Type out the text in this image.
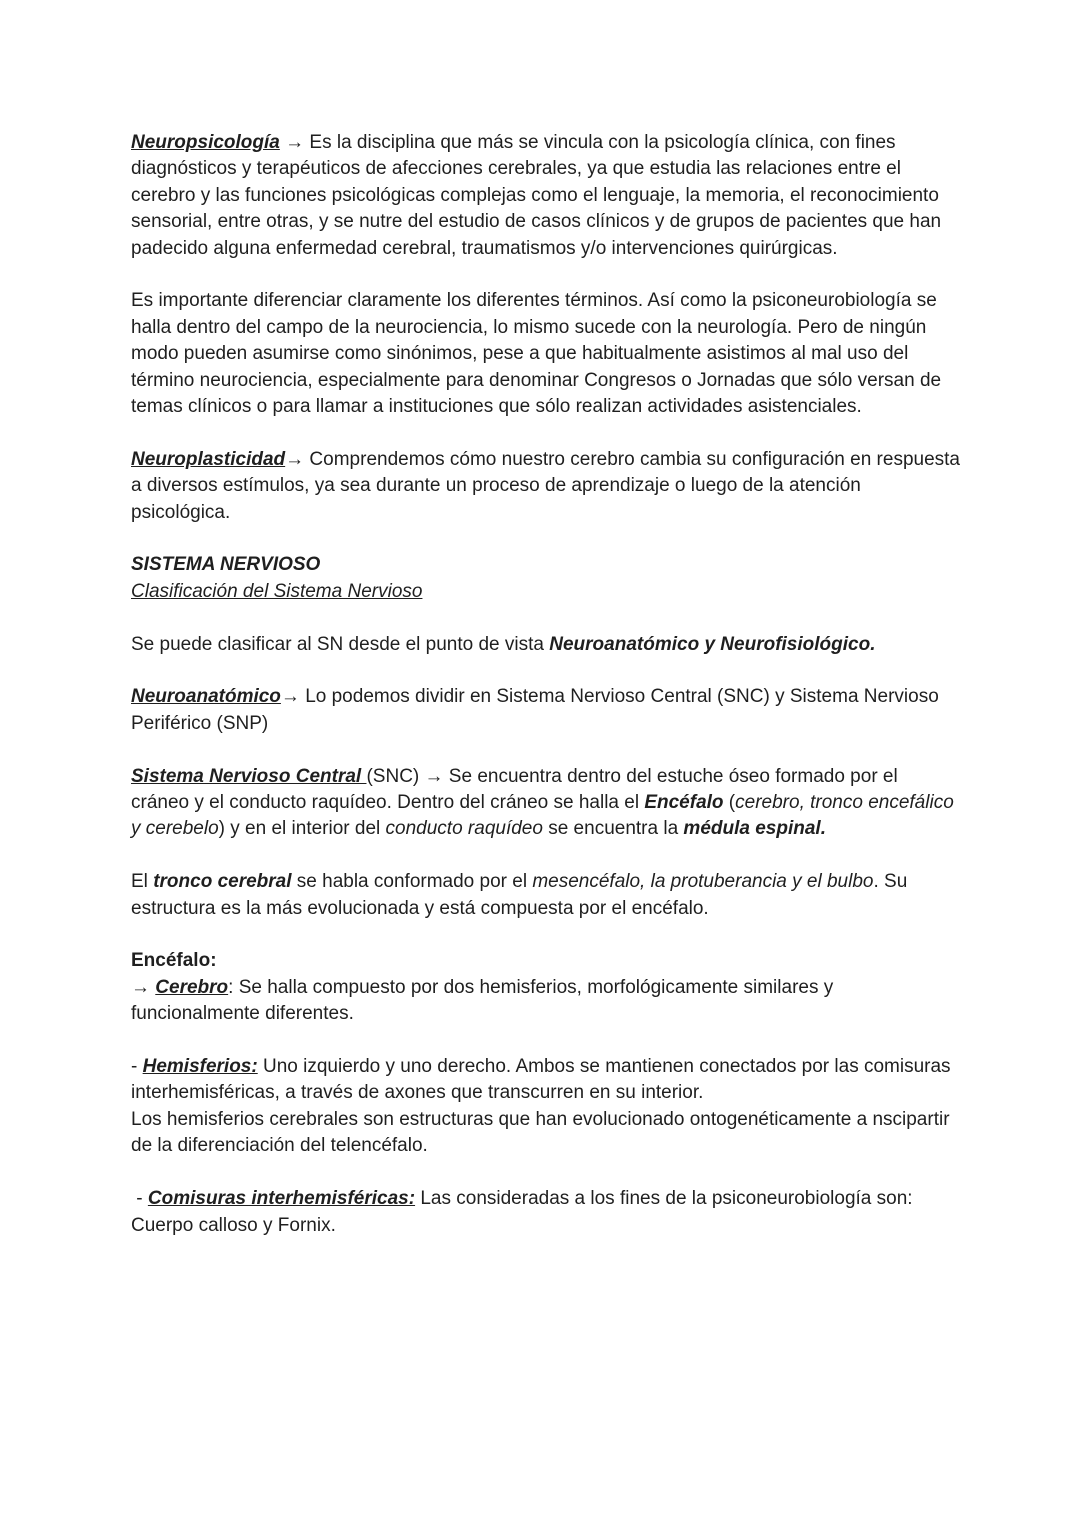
Neuropsicología → Es la disciplina que más se vincula con la psicología clínica, con fines diagnósticos y terapéuticos de afecciones cerebrales, ya que estudia las relaciones entre el cerebro y las funciones psicológicas complejas como el lenguaje, la memoria, el reconocimiento sensorial, entre otras, y se nutre del estudio de casos clínicos y de grupos de pacientes que han padecido alguna enfermedad cerebral, traumatismos y/o intervenciones quirúrgicas.

Es importante diferenciar claramente los diferentes términos. Así como la psiconeurobiología se halla dentro del campo de la neurociencia, lo mismo sucede con la neurología. Pero de ningún modo pueden asumirse como sinónimos, pese a que habitualmente asistimos al mal uso del término neurociencia, especialmente para denominar Congresos o Jornadas que sólo versan de temas clínicos o para llamar a instituciones que sólo realizan actividades asistenciales.

Neuroplasticidad→ Comprendemos cómo nuestro cerebro cambia su configuración en respuesta a diversos estímulos, ya sea durante un proceso de aprendizaje o luego de la atención psicológica.

SISTEMA NERVIOSO

Clasificación del Sistema Nervioso

Se puede clasificar al SN desde el punto de vista Neuroanatómico y Neurofisiológico.

Neuroanatómico→ Lo podemos dividir en Sistema Nervioso Central (SNC) y Sistema Nervioso Periférico (SNP)

Sistema Nervioso Central (SNC) → Se encuentra dentro del estuche óseo formado por el cráneo y el conducto raquídeo. Dentro del cráneo se halla el Encéfalo (cerebro, tronco encefálico y cerebelo) y en el interior del conducto raquídeo se encuentra la médula espinal.

El tronco cerebral se habla conformado por el mesencéfalo, la protuberancia y el bulbo. Su estructura es la más evolucionada y está compuesta por el encéfalo.

Encéfalo:

→ Cerebro: Se halla compuesto por dos hemisferios, morfológicamente similares y funcionalmente diferentes.

- Hemisferios: Uno izquierdo y uno derecho. Ambos se mantienen conectados por las comisuras interhemisféricas, a través de axones que transcurren en su interior.

Los hemisferios cerebrales son estructuras que han evolucionado ontogenéticamente a nscipartir de la diferenciación del telencéfalo.

- Comisuras interhemisféricas: Las consideradas a los fines de la psiconeurobiología son:

Cuerpo calloso y Fornix.
